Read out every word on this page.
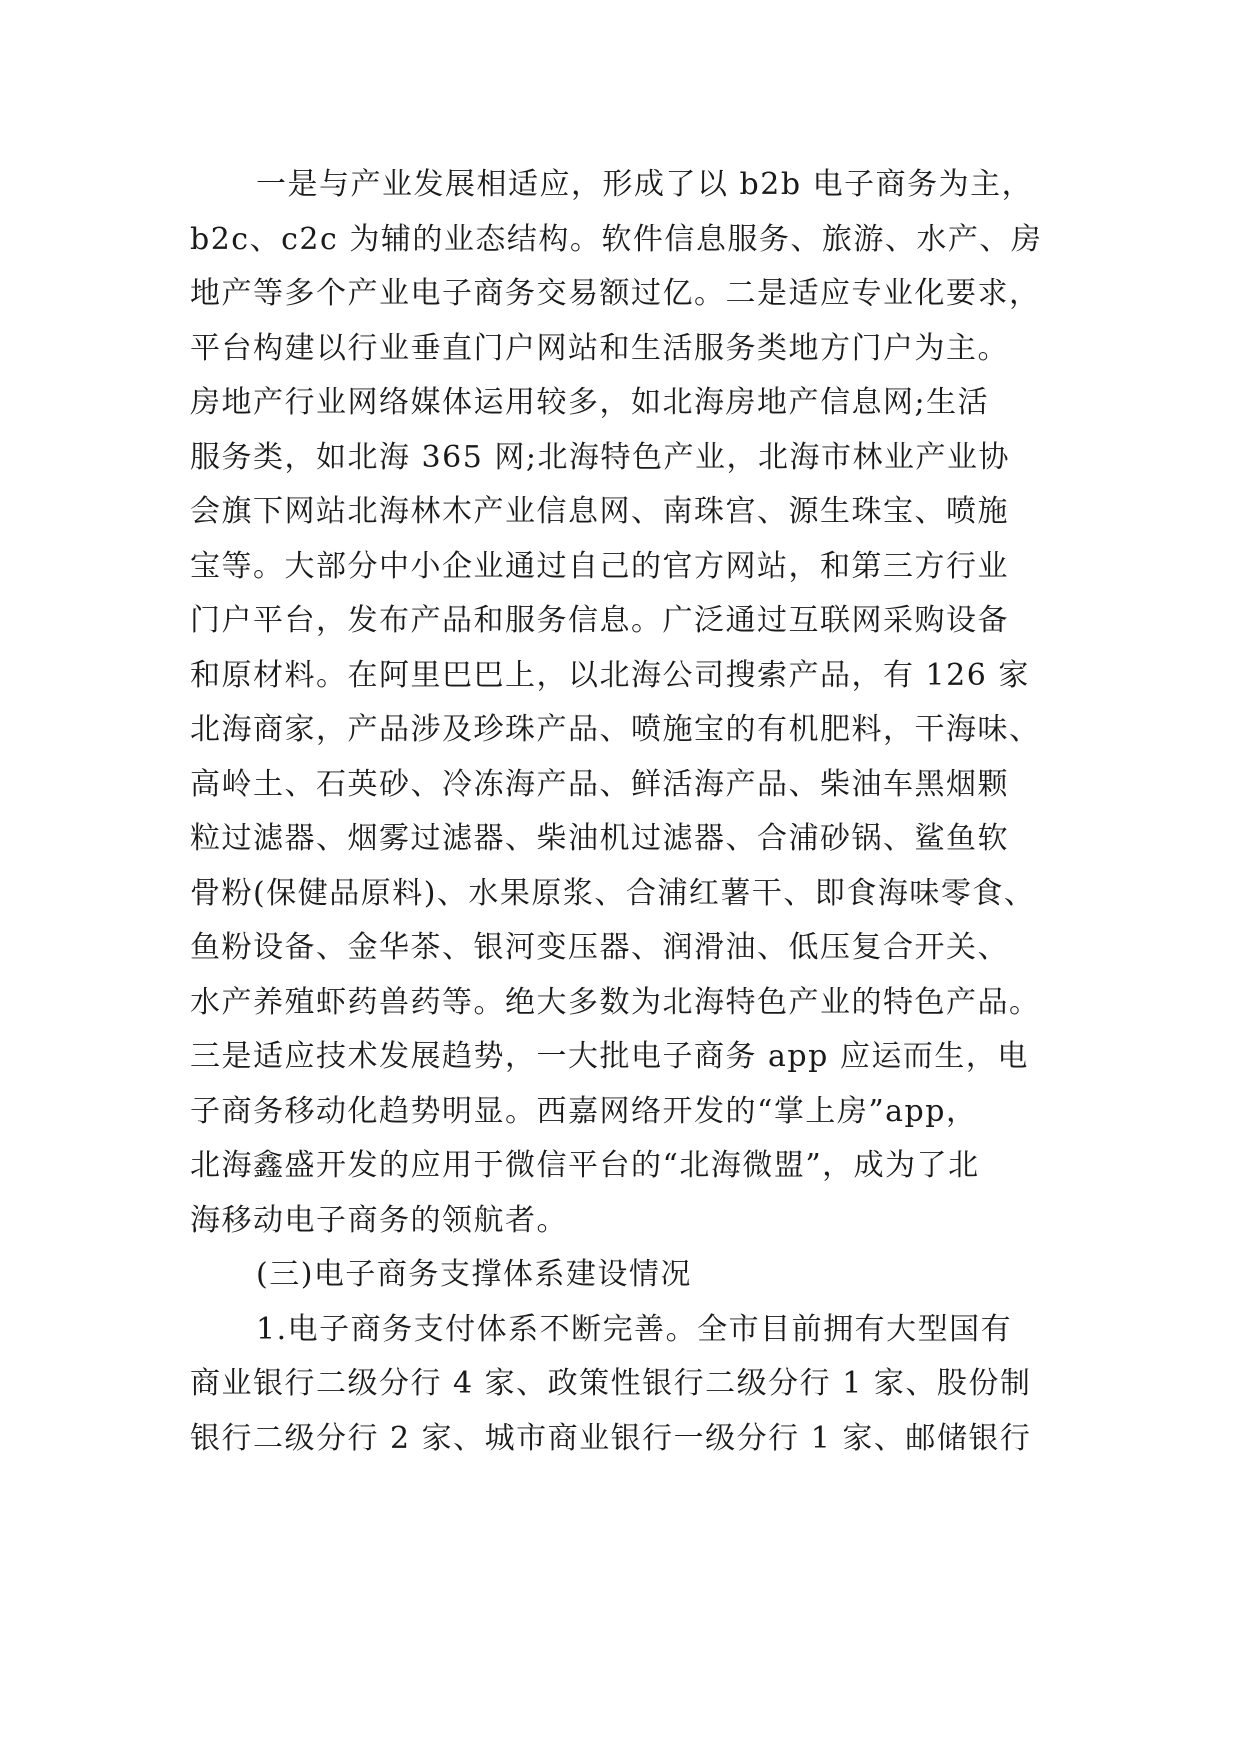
一是与产业发展相适应，形成了以 b2b 电子商务为主，
b2c、c2c 为辅的业态结构。软件信息服务、旅游、水产、房
地产等多个产业电子商务交易额过亿。二是适应专业化要求，
平台构建以行业垂直门户网站和生活服务类地方门户为主。
房地产行业网络媒体运用较多，如北海房地产信息网;生活
服务类，如北海 365 网;北海特色产业，北海市林业产业协
会旗下网站北海林木产业信息网、南珠宫、源生珠宝、喷施
宝等。大部分中小企业通过自己的官方网站，和第三方行业
门户平台，发布产品和服务信息。广泛通过互联网采购设备
和原材料。在阿里巴巴上，以北海公司搜索产品，有 126 家
北海商家，产品涉及珍珠产品、喷施宝的有机肥料，干海味、
高岭土、石英砂、冷冻海产品、鲜活海产品、柴油车黑烟颗
粒过滤器、烟雾过滤器、柴油机过滤器、合浦砂锅、鲨鱼软
骨粉(保健品原料)、水果原浆、合浦红薯干、即食海味零食、
鱼粉设备、金华茶、银河变压器、润滑油、低压复合开关、
水产养殖虾药兽药等。绝大多数为北海特色产业的特色产品。
三是适应技术发展趋势，一大批电子商务 app 应运而生，电
子商务移动化趋势明显。西嘉网络开发的“掌上房”app，
北海鑫盛开发的应用于微信平台的“北海微盟”，成为了北
海移动电子商务的领航者。
(三)电子商务支撑体系建设情况
1.电子商务支付体系不断完善。全市目前拥有大型国有
商业银行二级分行 4 家、政策性银行二级分行 1 家、股份制
银行二级分行 2 家、城市商业银行一级分行 1 家、邮储银行
